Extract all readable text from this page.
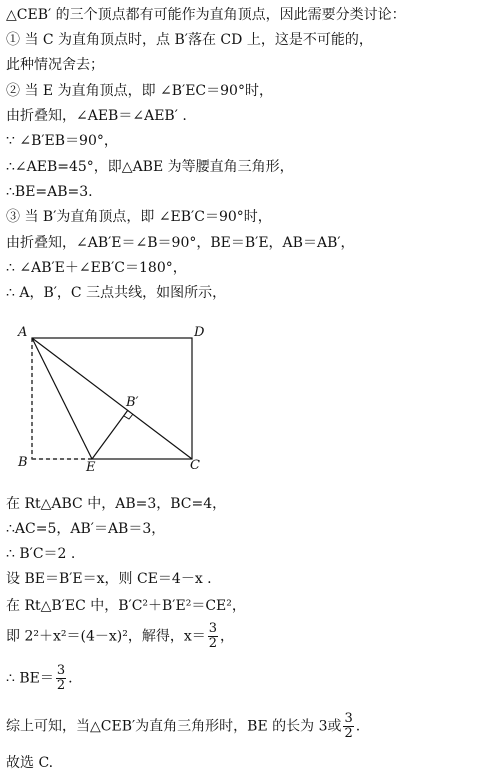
△CEB′ 的三个顶点都有可能作为直角顶点，因此需要分类讨论：
① 当 C 为直角顶点时，点 B′落在 CD 上，这是不可能的，
此种情况舍去；
② 当 E 为直角顶点，即 ∠B′EC＝90°时，
由折叠知，∠AEB＝∠AEB′ .
∵ ∠B′EB＝90°，
∴∠AEB=45°，即△ABE 为等腰直角三角形，
∴BE=AB=3.
③ 当 B′为直角顶点，即 ∠EB′C＝90°时，
由折叠知，∠AB′E＝∠B＝90°，BE＝B′E，AB＝AB′，
∴ ∠AB′E＋∠EB′C＝180°，
∴ A，B′，C 三点共线，如图所示，
A	D
B	E	C
B′
在 Rt△ABC 中，AB=3，BC=4，
∴AC=5，AB′＝AB＝3，
∴ B′C＝2 .
设 BE＝B′E＝x，则 CE＝4－x .
在 Rt△B′EC 中，B′C²＋B′E²＝CE²，
即 2²＋x²＝(4－x)²，解得，$x= \frac{3}{2}$ ，
∴ $BE= \frac{3}{2}$ .
综上可知，当△CEB′为直角三角形时，BE 的长为 3或 $\frac{3}{2}$ .
故选 C.
